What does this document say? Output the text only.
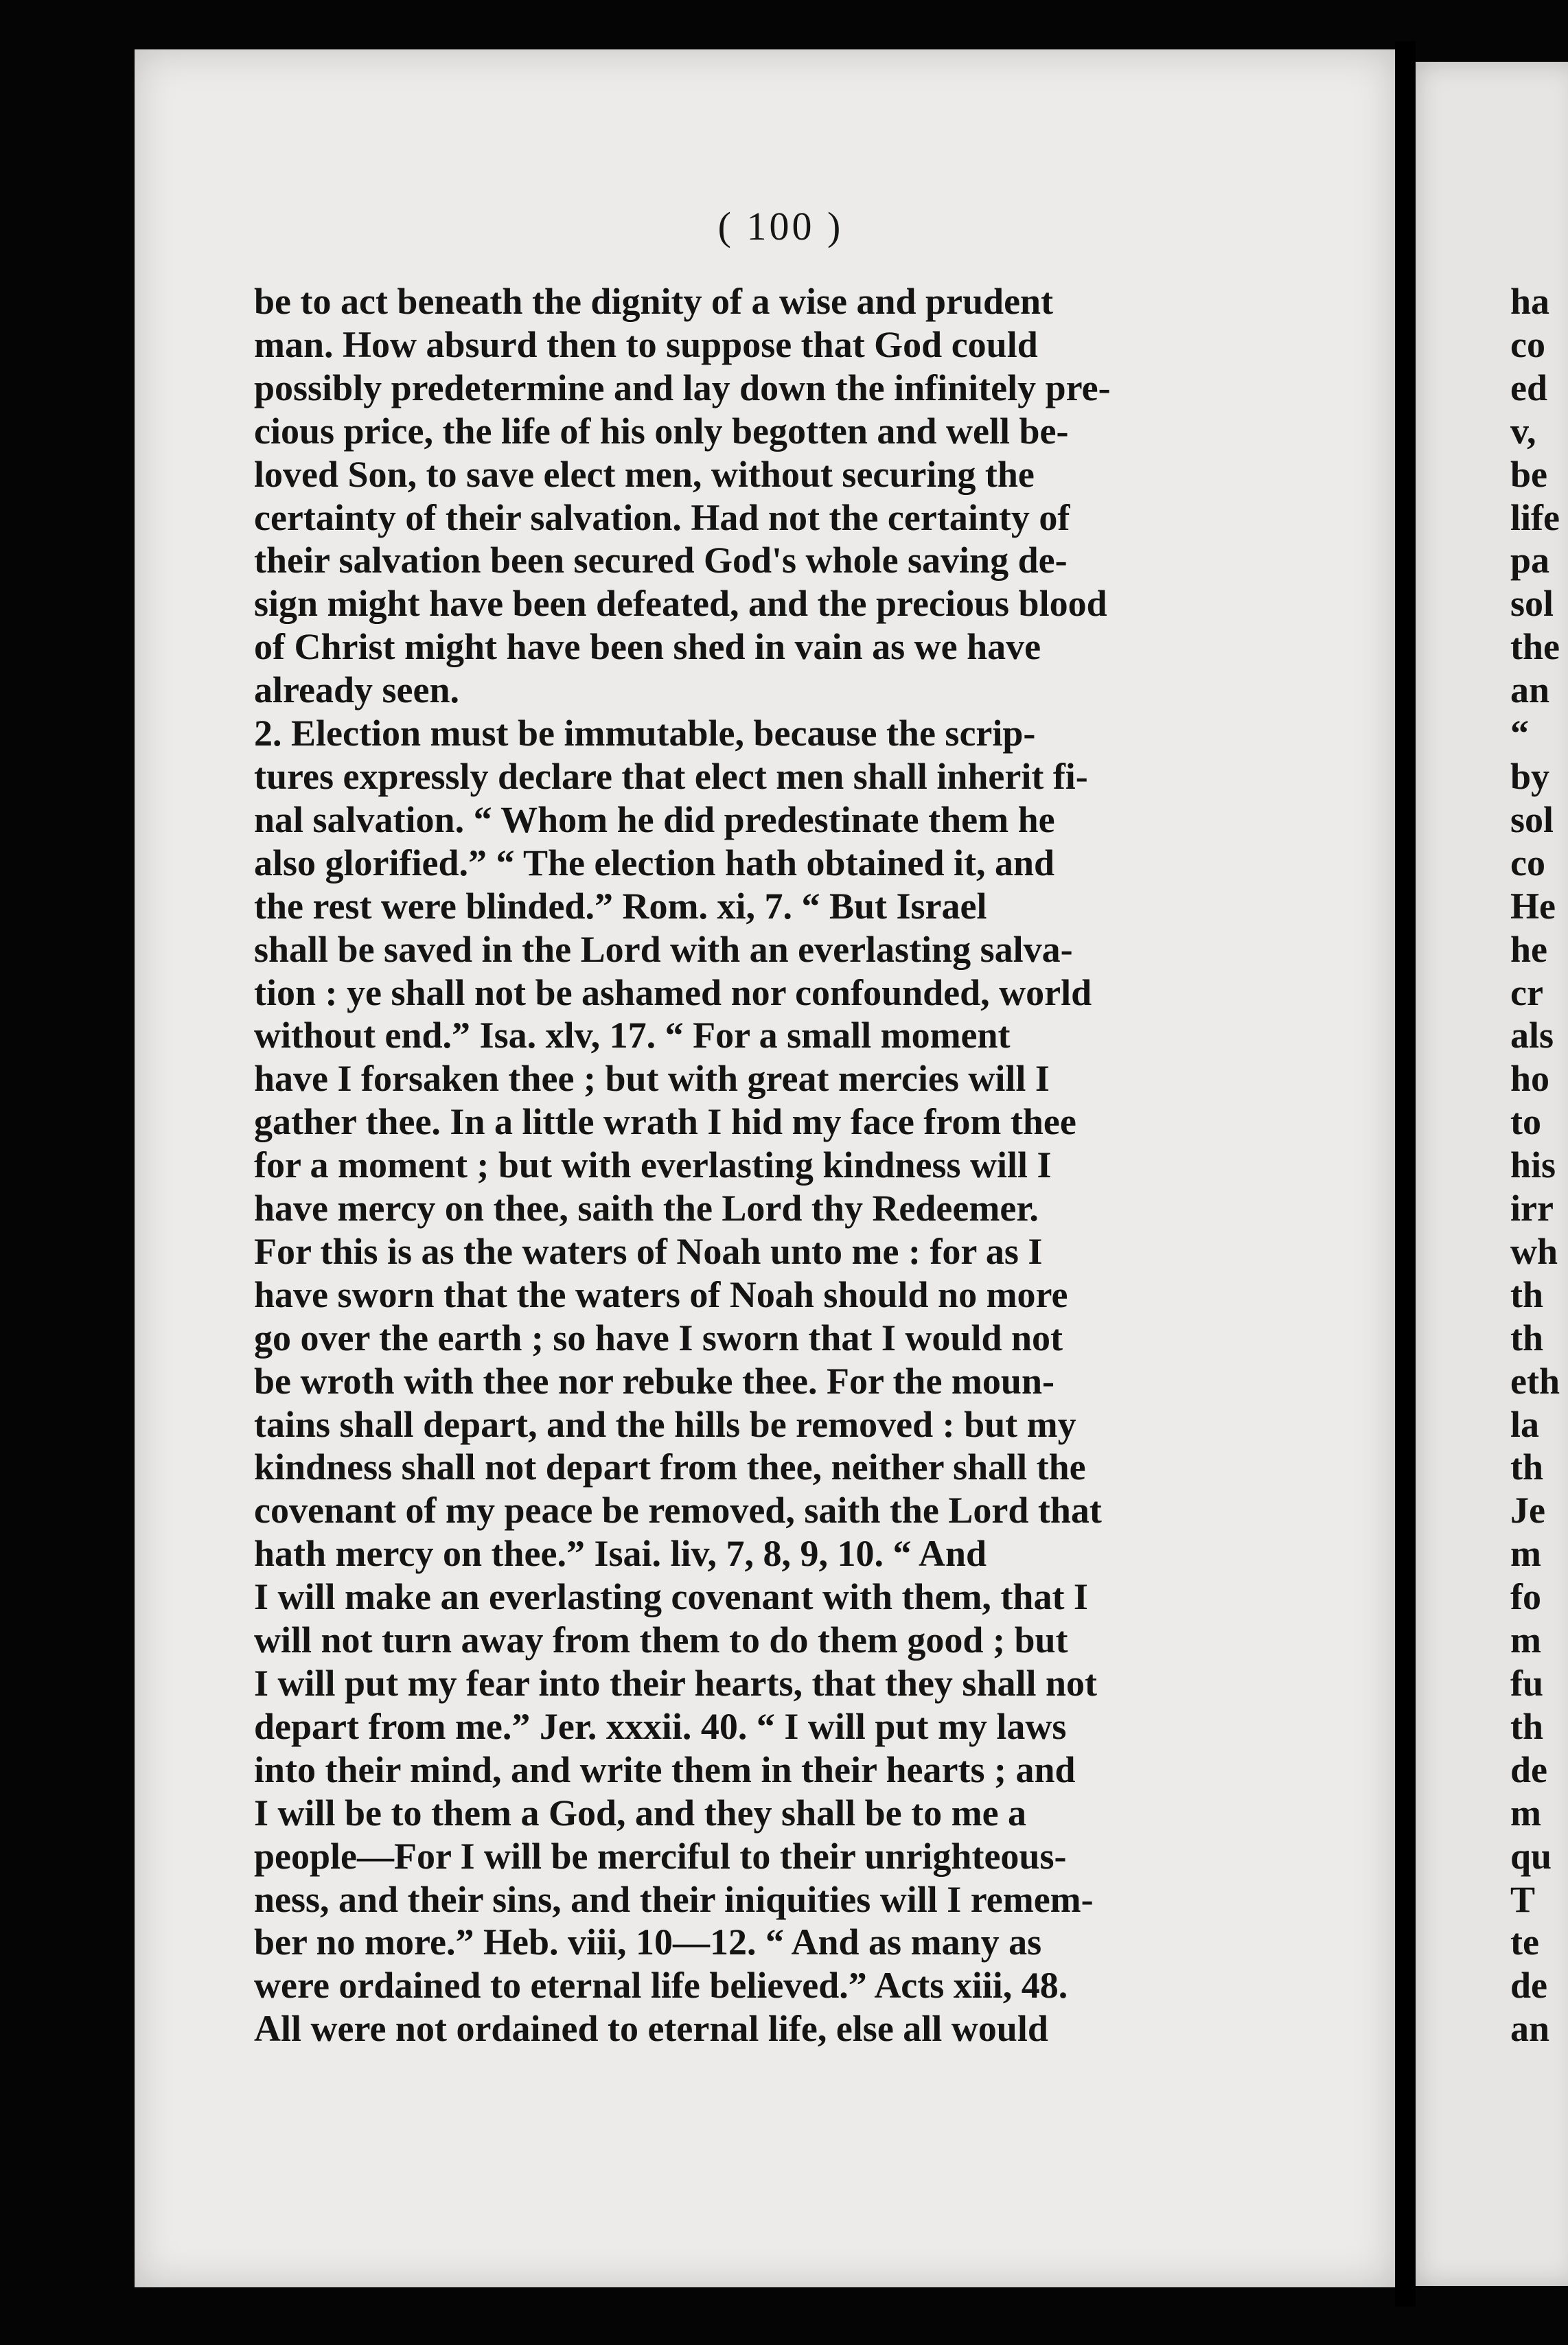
( 100 )
be to act beneath the dignity of a wise and prudent
man. How absurd then to suppose that God could
possibly predetermine and lay down the infinitely pre-
cious price, the life of his only begotten and well be-
loved Son, to save elect men, without securing the
certainty of their salvation. Had not the certainty of
their salvation been secured God's whole saving de-
sign might have been defeated, and the precious blood
of Christ might have been shed in vain as we have
already seen.
2. Election must be immutable, because the scrip-
tures expressly declare that elect men shall inherit fi-
nal salvation. “ Whom he did predestinate them he
also glorified.” “ The election hath obtained it, and
the rest were blinded.” Rom. xi, 7. “ But Israel
shall be saved in the Lord with an everlasting salva-
tion : ye shall not be ashamed nor confounded, world
without end.” Isa. xlv, 17. “ For a small moment
have I forsaken thee ; but with great mercies will I
gather thee. In a little wrath I hid my face from thee
for a moment ; but with everlasting kindness will I
have mercy on thee, saith the Lord thy Redeemer.
For this is as the waters of Noah unto me : for as I
have sworn that the waters of Noah should no more
go over the earth ; so have I sworn that I would not
be wroth with thee nor rebuke thee. For the moun-
tains shall depart, and the hills be removed : but my
kindness shall not depart from thee, neither shall the
covenant of my peace be removed, saith the Lord that
hath mercy on thee.” Isai. liv, 7, 8, 9, 10. “ And
I will make an everlasting covenant with them, that I
will not turn away from them to do them good ; but
I will put my fear into their hearts, that they shall not
depart from me.” Jer. xxxii. 40. “ I will put my laws
into their mind, and write them in their hearts ; and
I will be to them a God, and they shall be to me a
people—For I will be merciful to their unrighteous-
ness, and their sins, and their iniquities will I remem-
ber no more.” Heb. viii, 10—12. “ And as many as
were ordained to eternal life believed.” Acts xiii, 48.
All were not ordained to eternal life, else all would
ha
co
ed
v,
be
life
pa
sol
the
an
“
by
sol
co
He
he
cr
als
ho
to
his
irr
wh
th
th
eth
la
th
Je
m
fo
m
fu
th
de
m
qu
T
te
de
an
